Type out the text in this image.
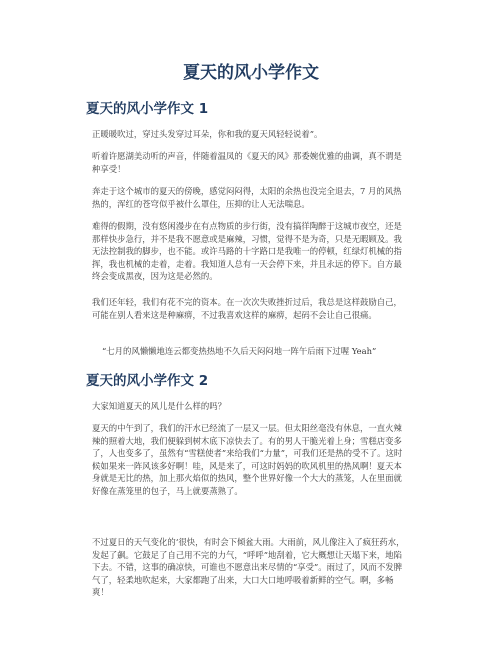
夏天的风小学作文
夏天的风小学作文 1

正暖暖吹过，穿过头发穿过耳朵，你和我的夏天风轻轻说着”。

听着许愿湖美动听的声音，伴随着温凤的《夏天的风》那委婉优雅的曲调，真不谓是种享受！

奔走于这个城市的夏天的傍晚，感觉闷闷得，太阳的余热也没完全退去，7 月的风热热的，浑红的苍穹似乎被什么罩住，压抑的让人无法喘息。

难得的假期，没有悠闲漫步在有点物质的步行街，没有搞徉陶醉于这城市夜空，还是那样快步急行，并不是我不愿意或是麻辣，习惯，觉得不是为奇，只是无暇顾及。我无法控制我的脚步，也不能。或许马路的十字路口是我唯一的停顿，红绿灯机械的指挥，我也机械的走着，走着。我知道人总有一天会停下来，并且永远的停下。自方最终会变成黑夜，因为这是必然的。

我们还年轻，我们有花不完的资本。在一次次失败挫折过后，我总是这样鼓励自己，可能在别人看来这是种麻痹，不过我喜欢这样的麻痹，起码不会让自己很痛。

“七月的风懒懒地连云都变热热地不久后天闷闷地一阵午后雨下过喔 Yeah”

夏天的风小学作文 2

大家知道夏天的风儿是什么样的吗？

夏天的中午到了，我们的汗水已经流了一层又一层。但太阳丝毫没有休息，一直火辣辣的照着大地，我们便躲到树木底下凉快去了。有的男人干脆光着上身；雪糕店变多了，人也变多了，虽然有“雪糕使者”来给我们“力量”，可我们还是热的受不了。这时候如果来一阵风该多好啊！哇，风是来了，可这时妈妈的吹风机里的热风啊！夏天本身就是无比的热，加上那火焰似的热风，整个世界好像一个大大的蒸笼，人在里面就好像在蒸笼里的包子，马上就要蒸熟了。

不过夏日的天气变化的‘很快，有时会下倾盆大雨。大雨前，风儿像注入了疯狂药水，发起了飙。它鼓足了自己用不完的力气，“呼呼”地刮着，它大概想让天塌下来，地陷下去。不错，这事的确凉快，可谁也不愿意出来尽情的“享受”。雨过了，风而不发脾气了，轻柔地吹起来，大家都跑了出来，大口大口地呼吸着新鲜的空气。啊，多畅爽！
